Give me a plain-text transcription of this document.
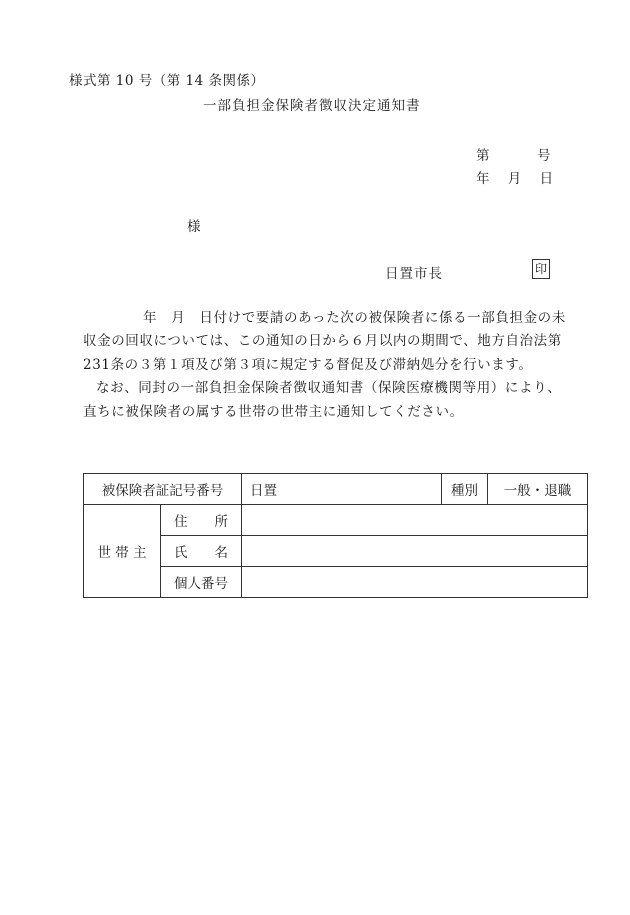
様式第 10 号（第 14 条関係）
一部負担金保険者徴収決定通知書
第	号
年 月 日
様
日置市長	印

年　月　日付けで要請のあった次の被保険者に係る一部負担金の未収金の回収については、この通知の日から６月以内の期間で、地方自治法第 231条の３第１項及び第３項に規定する督促及び滞納処分を行います。

なお、同封の一部負担金保険者徴収通知書（保険医療機関等用）により、直ちに被保険者の属する世帯の世帯主に通知してください。

被保険者証記号番号		日置	種別	一般・退職
世 帯 主	住　　所			
	氏　　名			
	個人番号			
